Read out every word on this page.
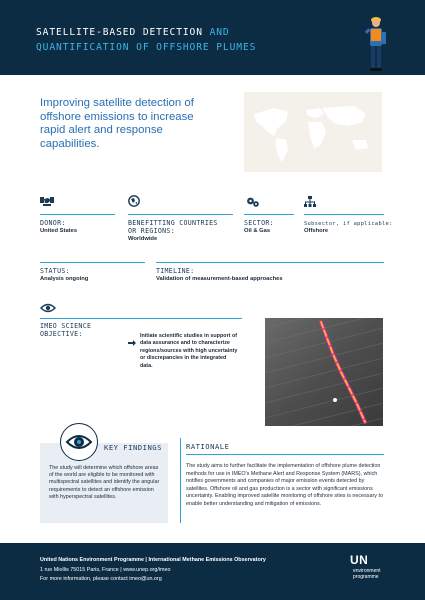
SATELLITE-BASED DETECTION AND
QUANTIFICATION OF OFFSHORE PLUMES
Improving satellite detection of offshore emissions to increase rapid alert and response capabilities.
DONOR:
United States
BENEFITTING COUNTRIES
OR REGIONS:
Worldwide
SECTOR:
Oil & Gas
Subsector, if applicable:
Offshore
STATUS:
Analysis ongoing
TIMELINE:
Validation of measurement-based approaches
IMEO SCIENCE
OBJECTIVE:	Initiate scientific studies in support of data assurance and to characterize regions/sources with high uncertainty or discrepancies in the integrated data.
KEY FINDINGS
The study will determine which offshore areas of the world are eligible to be monitored with multispectral satellites and identify the angular requirements to detect an offshore emission with hyperspectral satellites.
RATIONALE
The study aims to further facilitate the implementation of offshore plume detection methods for use in IMEO's Methane Alert and Response System (MARS), which notifies governments and companies of major emission events detected by satellites. Offshore oil and gas production is a sector with significant emissions uncertainty. Enabling improved satellite monitoring of offshore sites is necessary to enable better understanding and mitigation of emissions.
United Nations Environment Programme | International Methane Emissions Observatory
1 rue Miollis 75015 Paris, France | www.unep.org/imeo
For more information, please contact imeo@un.org
UN
environment
programme
